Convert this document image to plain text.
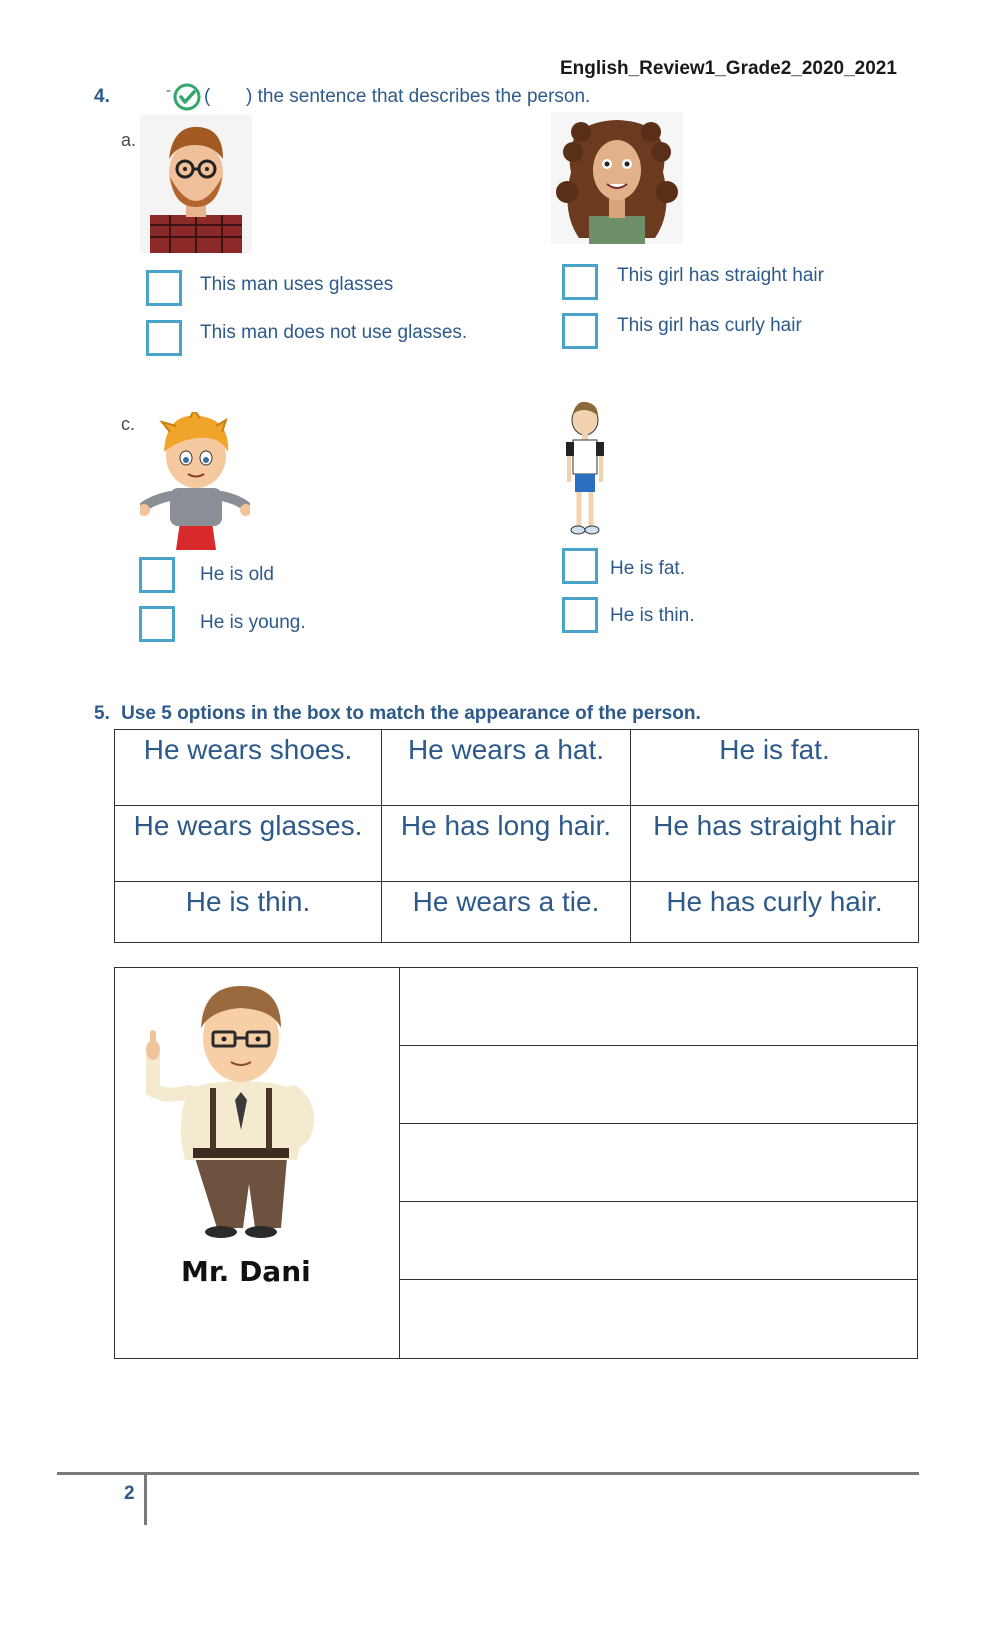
English_Review1_Grade2_2020_2021
4.	- ( ) the sentence that describes the person.
a.
This man uses glasses
This man does not use glasses.
This girl has straight hair
This girl has curly hair
c.
He is old
He is young.
He is fat.
He is thin.
5. Use 5 options in the box to match the appearance of the person.
He wears shoes.	He wears a hat.	He is fat.
He wears glasses.	He has long hair.	He has straight hair
He is thin.	He wears a tie.	He has curly hair.
Mr. Dani
2
